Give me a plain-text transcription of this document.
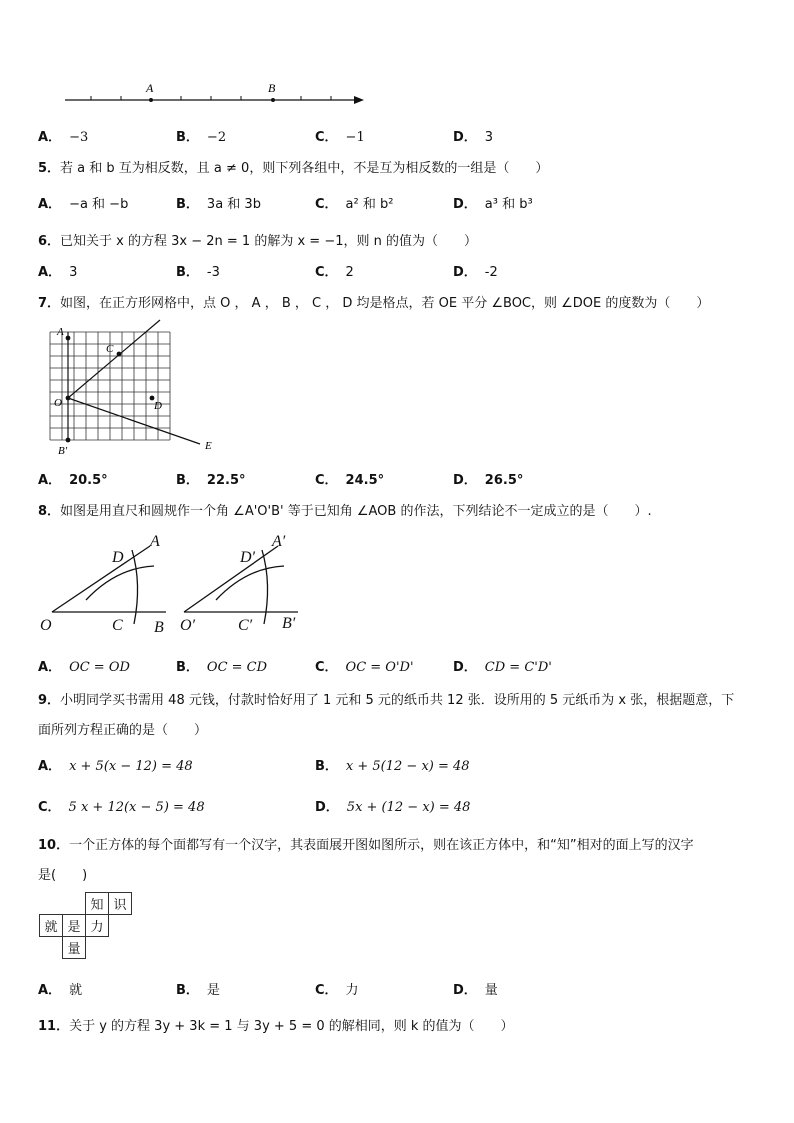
A	B
A． −3	B． −2	C． −1	D． 3
5．若 a 和 b 互为相反数，且 a ≠ 0，则下列各组中，不是互为相反数的一组是（　　）
A． −a 和 −b	B． 3a 和 3b	C． a² 和 b²	D． a³ 和 b³
6．已知关于 x 的方程 3x − 2n = 1 的解为 x = −1，则 n 的值为（　　）
A． 3	B． -3	C． 2	D． -2
7．如图，在正方形网格中，点 O ， A ， B ， C ， D 均是格点，若 OE 平分 ∠BOC，则 ∠DOE 的度数为（　　）
A
C
O	D
E
B'
A． 20.5°	B． 22.5°	C． 24.5°	D． 26.5°
8．如图是用直尺和圆规作一个角 ∠A'O'B' 等于已知角 ∠AOB 的作法，下列结论不一定成立的是（　　）.
D
A
O	C B
D′
A′
O′	C′ B′
A． OC = OD	B． OC = CD	C． OC = O'D'	D． CD = C'D'
9．小明同学买书需用 48 元钱，付款时恰好用了 1 元和 5 元的纸币共 12 张．设所用的 5 元纸币为 x 张，根据题意，下
面所列方程正确的是（　　）
A． x + 5(x − 12) = 48	B． x + 5(12 − x) = 48
C． 5 x + 12(x − 5) = 48	D． 5x + (12 − x) = 48
10．一个正方体的每个面都写有一个汉字，其表面展开图如图所示，则在该正方体中，和“知”相对的面上写的汉字
是(　　)
		知	识
就	是	力	
	量		
A． 就	B． 是	C． 力	D． 量
11．关于 y 的方程 3y + 3k = 1 与 3y + 5 = 0 的解相同，则 k 的值为（　　）
